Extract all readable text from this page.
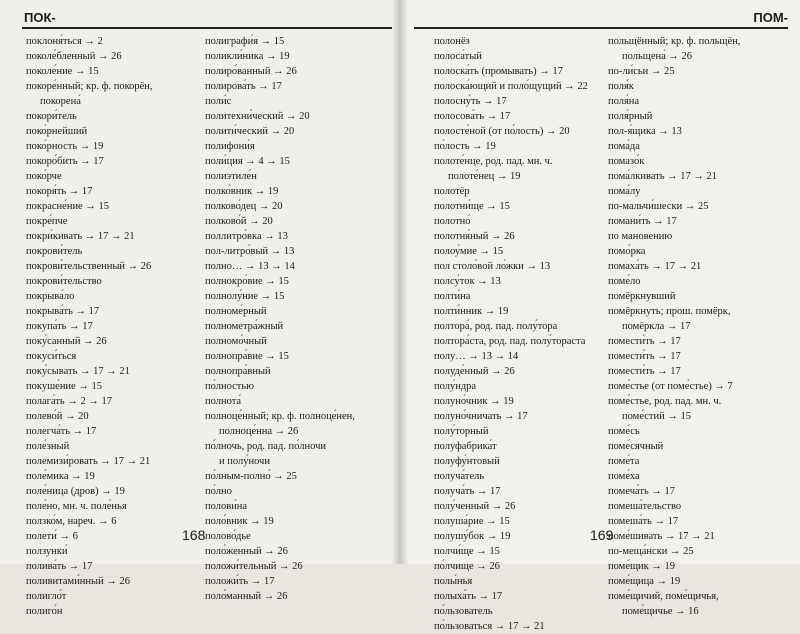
ПОК-
поклоня́ться → 2
поколе́бленный → 26
поколе́ние → 15
покоре́нный; кр. ф. покорён,
покорена́
покори́тель
поко́рнейший
поко́рность → 19
покоро́бить → 17
поко́рче
покоря́ть → 17
покрасне́ние → 15
покре́пче
покри́кивать → 17 → 21
покрови́тель
покрови́тельственный → 26
покрови́тельство
покрыва́ло
покрыва́ть → 17
покупа́ть → 17
поку́санный → 26
покуси́ться
поку́сывать → 17 → 21
покуше́ние → 15
полага́ть → 2 → 17
полево́й → 20
полегча́ть → 17
поле́зный
полемизи́ровать → 17 → 21
поле́мика → 19
поле́ница (дров) → 19
поле́но, мн. ч. поле́нья
ползко́м, нареч. → 6
полети́ → 6
ползунки́
полива́ть → 17
поливитами́нный → 26
полигло́т
полиго́н
полиграфи́я → 15
поликли́ника → 19
полиро́ванный → 26
полирова́ть → 17
поли́с
политехни́ческий → 20
полити́ческий → 20
полифони́я
поли́ция → 4 → 15
полиэтиле́н
полко́вник → 19
полково́дец → 20
полково́й → 20
поллитро́вка → 13
пол-литро́вый → 13
полно… → 13 → 14
полнокро́вие → 15
полнолу́ние → 15
полноме́рный
полнометра́жный
полномо́чный
полнопра́вие → 15
полнопра́вный
по́лностью
полнота́
полноце́нный; кр. ф. полноце́нен,
полноце́нна → 26
по́лночь, род. пад. по́лночи
и полу́ночи
по́лным-полно́ → 25
по́лно
полови́на
поло́вник → 19
полово́дье
поло́женный → 26
положи́тельный → 26
положи́ть → 17
поло́манный → 26
168
ПОМ-
полонёз
полоса́тый
полоска́ть (промывать) → 17
полоска́ющий и поло́щущий → 22
полосну́ть → 17
полосова́ть → 17
полосте́ной (от по́лость) → 20
по́лость → 19
полоте́нце, род. пад. мн. ч.
полоте́нец → 19
полотёр
полотни́ще → 15
полотно́
полотня́ный → 26
полоу́мие → 15
пол столо́вой ло́жки → 13
полсу́ток → 13
полти́на
полти́нник → 19
полтора́, род. пад. полу́тора
полтора́ста, род. пад. полу́тораста
полу… → 13 → 14
полуде́нный → 26
полу́ндра
полуно́чник → 19
полуно́чничать → 17
полу́торный
полуфабрика́т
полуфу́нтовый
получа́тель
получа́ть → 17
полу́ченный → 26
полуша́рие → 15
полушу́бок → 19
полчи́ще → 15
по́лчище → 26
полы́нья
полыха́ть → 17
по́льзователь
по́льзоваться → 17 → 21
польщённый; кр. ф. польщён,
польщена́ → 26
по-ли́сьи → 25
поля́к
поля́на
поля́рный
пол-я́щика → 13
пома́да
помазо́к
пома́лкивать → 17 → 21
пома́лу
по-мальчи́шески → 25
помани́ть → 17
по мановению
помо́рка
помаха́ть → 17 → 21
поме́ло
помёркнувший
помёркнуть; прош. помёрк,
помёркла → 17
помести́ть → 17
помести́ть → 17
помести́ть → 17
поме́стье (от поме́стье) → 7
поме́стье, род. пад. мн. ч.
поме́стий → 15
поме́сь
поме́сячный
поме́та
поме́ха
помеча́ть → 17
помеша́тельство
помеша́ть → 17
поме́шивать → 17 → 21
по-меща́нски → 25
поме́щик → 19
поме́щица → 19
поме́щичий, поме́щичья,
поме́щичье → 16
169
